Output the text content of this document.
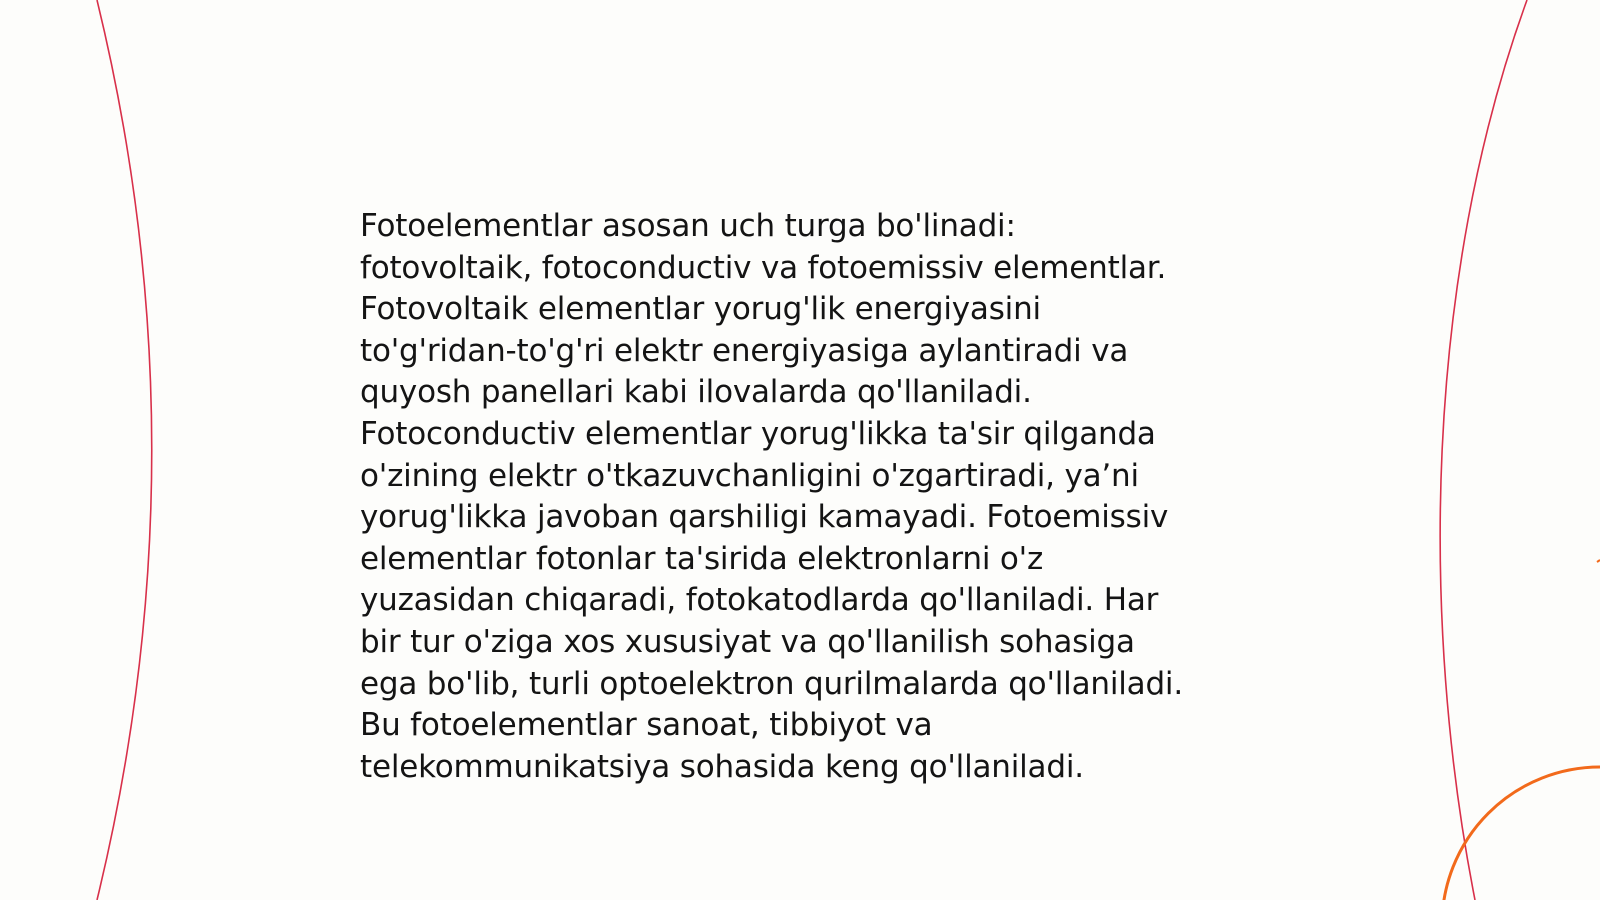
Fotoelementlar asosan uch turga bo'linadi:
fotovoltaik, fotoconductiv va fotoemissiv elementlar.
Fotovoltaik elementlar yorug'lik energiyasini
to'g'ridan-to'g'ri elektr energiyasiga aylantiradi va
quyosh panellari kabi ilovalarda qo'llaniladi.
Fotoconductiv elementlar yorug'likka ta'sir qilganda
o'zining elektr o'tkazuvchanligini o'zgartiradi, ya’ni
yorug'likka javoban qarshiligi kamayadi. Fotoemissiv
elementlar fotonlar ta'sirida elektronlarni o'z
yuzasidan chiqaradi, fotokatodlarda qo'llaniladi. Har
bir tur o'ziga xos xususiyat va qo'llanilish sohasiga
ega bo'lib, turli optoelektron qurilmalarda qo'llaniladi.
Bu fotoelementlar sanoat, tibbiyot va
telekommunikatsiya sohasida keng qo'llaniladi.
